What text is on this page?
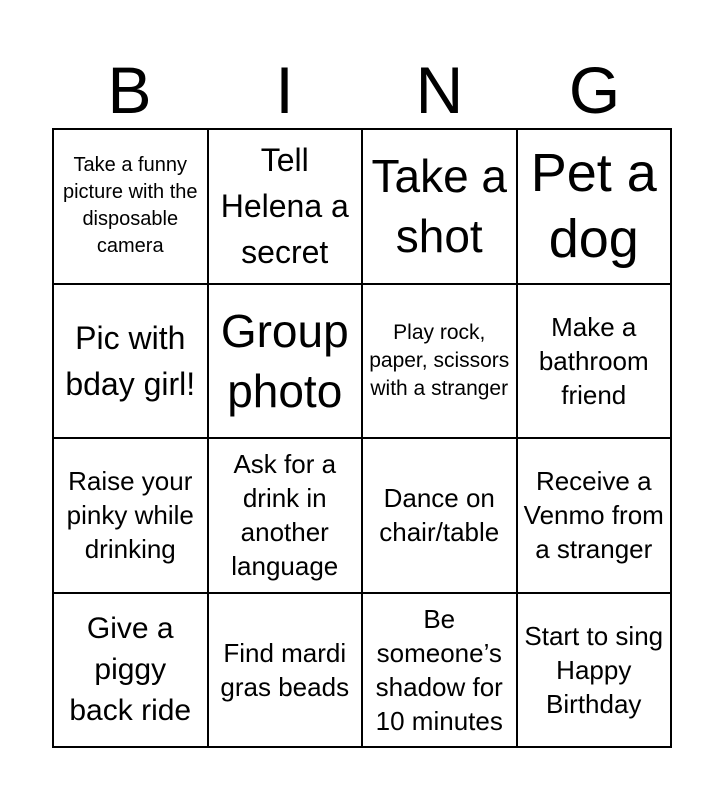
B	I	N	G
Take a funny picture with the disposable camera
Tell Helena a secret
Take a shot
Pet a dog
Pic with bday girl!
Group photo
Play rock, paper, scissors with a stranger
Make a bathroom friend
Raise your pinky while drinking
Ask for a drink in another language
Dance on chair/table
Receive a Venmo from a stranger
Give a piggy back ride
Find mardi gras beads
Be someone’s shadow for 10 minutes
Start to sing Happy Birthday
